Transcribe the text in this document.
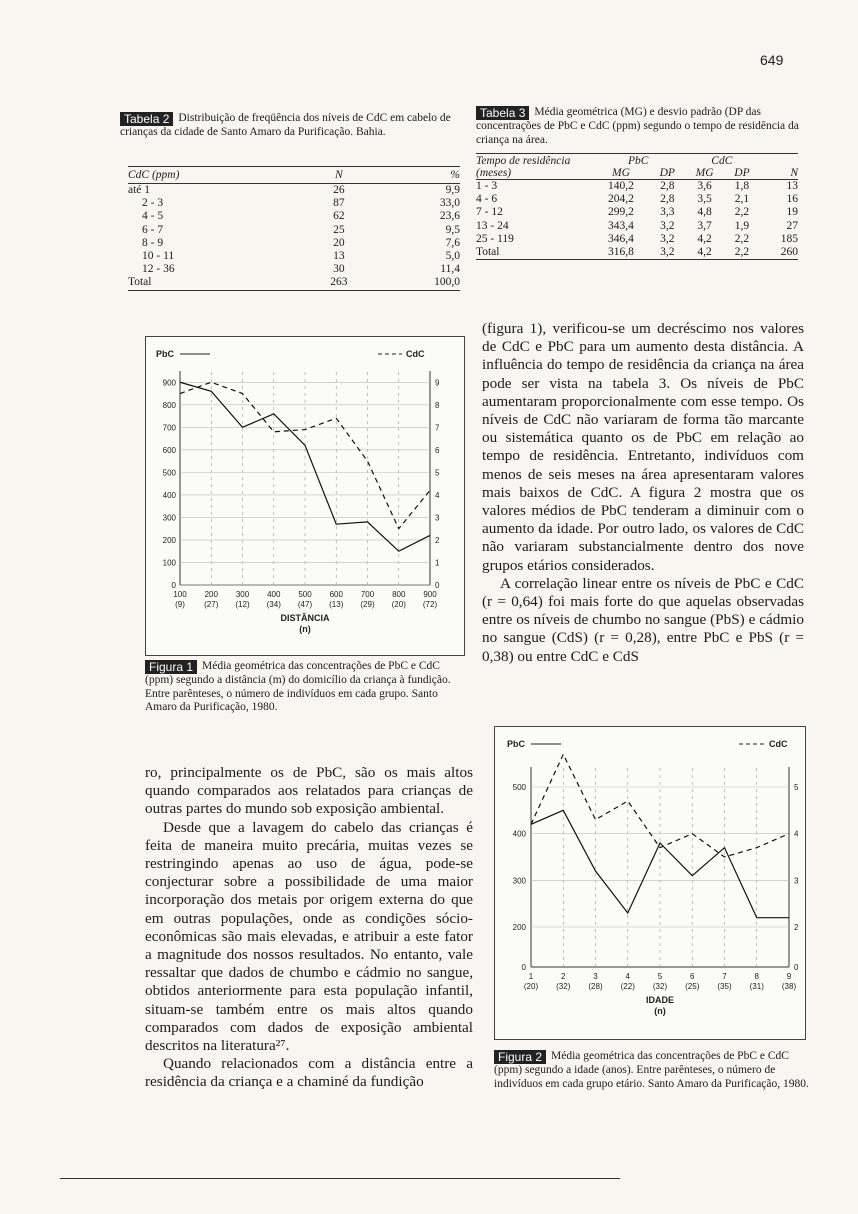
649
Tabela 2 Distribuição de freqüência dos níveis de CdC em cabelo de crianças da cidade de Santo Amaro da Purificação. Bahia.
CdC (ppm)	N	%
até 1	26	9,9
2 - 3	87	33,0
4 - 5	62	23,6
6 - 7	25	9,5
8 - 9	20	7,6
10 - 11	13	5,0
12 - 36	30	11,4
Total	263	100,0
Tabela 3 Média geométrica (MG) e desvio padrão (DP das concentrações de PbC e CdC (ppm) segundo o tempo de residência da criança na área.
Tempo de residência	PbC		CdC		
(meses)	MG	DP	MG	DP	N
1 - 3	140,2	2,8	3,6	1,8	13
4 - 6	204,2	2,8	3,5	2,1	16
7 - 12	299,2	3,3	4,8	2,2	19
13 - 24	343,4	3,2	3,7	1,9	27
25 - 119	346,4	3,2	4,2	2,2	185
Total	316,8	3,2	4,2	2,2	260
0
100
200
300
400
500
600
700
800
900
0
1
2
3
4
5
6
7
8
9
100
(9)
200
(27)
300
(12)
400
(34)
500
(47)
600
(13)
700
(29)
800
(20)
900
(72)
DISTÂNCIA
(n)
PbC	CdC
Figura 1 Média geométrica das concentrações de PbC e CdC (ppm) segundo a distância (m) do domicílio da criança à fundição. Entre parênteses, o número de indivíduos em cada grupo. Santo Amaro da Purificação, 1980.
0
200
300
400
500
0
2
3
4
5
1
(20)
2
(32)
3
(28)
4
(22)
5
(32)
6
(25)
7
(35)
8
(31)
9
(38)
IDADE
(n)
PbC	CdC
Figura 2 Média geométrica das concentrações de PbC e CdC (ppm) segundo a idade (anos). Entre parênteses, o número de indivíduos em cada grupo etário. Santo Amaro da Purificação, 1980.

ro, principalmente os de PbC, são os mais altos quando comparados aos relatados para crianças de outras partes do mundo sob exposição ambiental.

Desde que a lavagem do cabelo das crianças é feita de maneira muito precária, muitas vezes se restringindo apenas ao uso de água, pode-se conjecturar sobre a possibilidade de uma maior incorporação dos metais por origem externa do que em outras populações, onde as condições sócio-econômicas são mais elevadas, e atribuir a este fator a magnitude dos nossos resultados. No entanto, vale ressaltar que dados de chumbo e cádmio no sangue, obtidos anteriormente para esta população infantil, situam-se também entre os mais altos quando comparados com dados de exposição ambiental descritos na literatura²⁷.

Quando relacionados com a distância entre a residência da criança e a chaminé da fundição

(figura 1), verificou-se um decréscimo nos valores de CdC e PbC para um aumento desta distância. A influência do tempo de residência da criança na área pode ser vista na tabela 3. Os níveis de PbC aumentaram proporcionalmente com esse tempo. Os níveis de CdC não variaram de forma tão marcante ou sistemática quanto os de PbC em relação ao tempo de residência. Entretanto, indivíduos com menos de seis meses na área apresentaram valores mais baixos de CdC. A figura 2 mostra que os valores médios de PbC tenderam a diminuir com o aumento da idade. Por outro lado, os valores de CdC não variaram substancialmente dentro dos nove grupos etários considerados.

A correlação linear entre os níveis de PbC e CdC (r = 0,64) foi mais forte do que aquelas observadas entre os níveis de chumbo no sangue (PbS) e cádmio no sangue (CdS) (r = 0,28), entre PbC e PbS (r = 0,38) ou entre CdC e CdS
